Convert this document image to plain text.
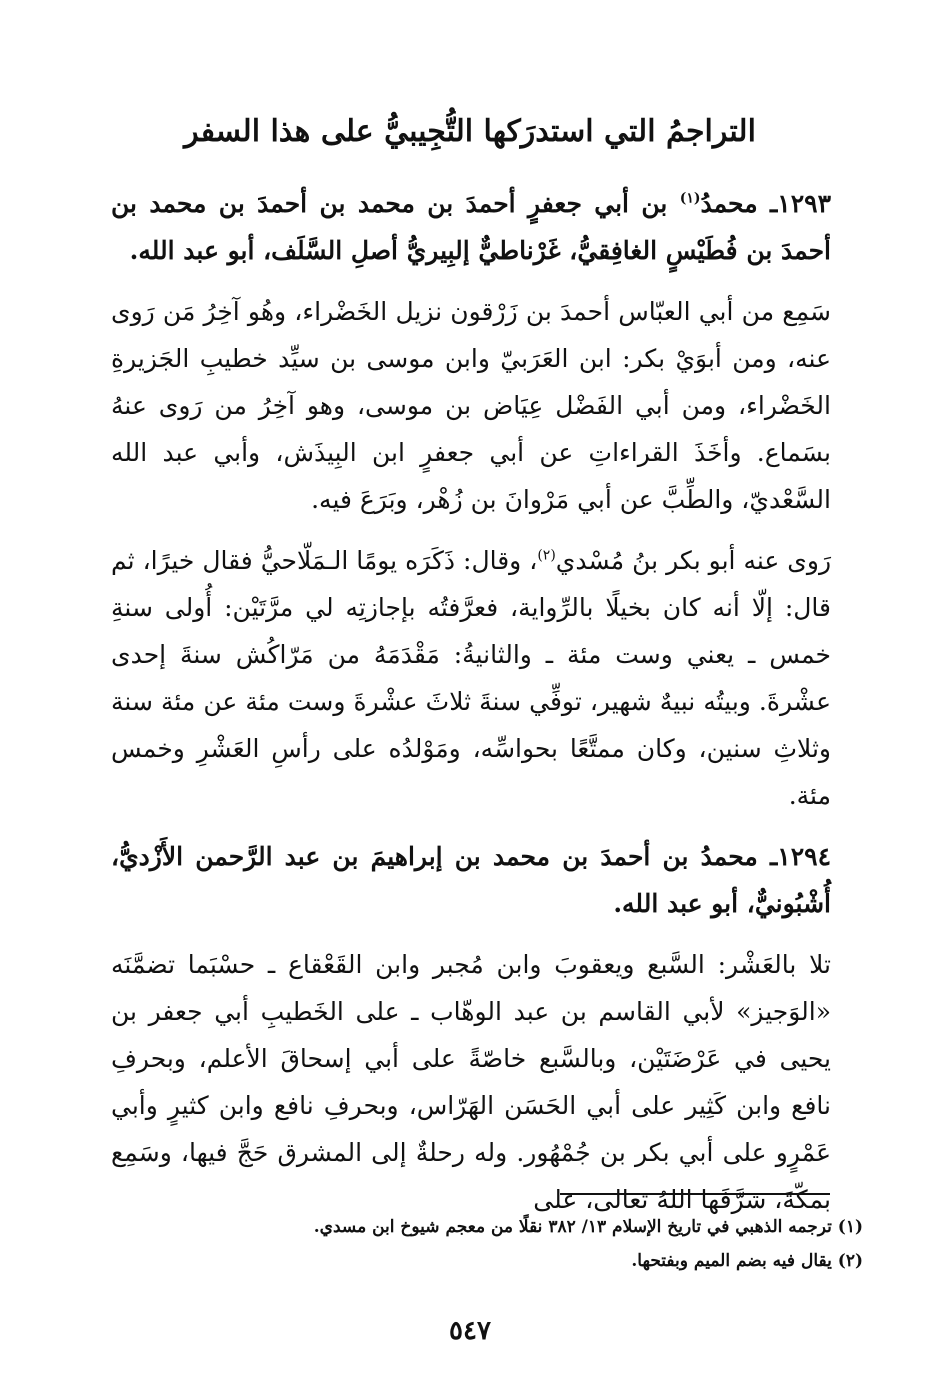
التراجمُ التي استدرَكها التُّجِيبيُّ على هذا السفر

١٢٩٣ـ محمدُ$^{(١)}$ بن أبي جعفرٍ أحمدَ بن محمد بن أحمدَ بن محمد بن أحمدَ بن فُطَيْسٍ الغافِقيُّ، غَرْناطيٌّ إلبِيريُّ أصلِ السَّلَف، أبو عبد الله.

سَمِع من أبي العبّاس أحمدَ بن زَرْقون نزيل الخَضْراء، وهُو آخِرُ مَن رَوى عنه، ومن أبوَيْ بكر: ابن العَرَبيّ وابن موسى بن سيِّد خطيبِ الجَزيرةِ الخَضْراء، ومن أبي الفَضْل عِيَاض بن موسى، وهو آخِرُ من رَوى عنهُ بسَماع. وأخَذَ القراءاتِ عن أبي جعفرٍ ابن البِيذَش، وأبي عبد الله السَّعْديّ، والطِّبَّ عن أبي مَرْوانَ بن زُهْر، وبَرَعَ فيه.

رَوى عنه أبو بكر بنُ مُسْدي$^{(٢)}$، وقال: ذَكَرَه يومًا الـمَلّاحيُّ فقال خيرًا، ثم قال: إلّا أنه كان بخيلًا بالرِّواية، فعرَّفتُه بإجازتِه لي مرَّتَيْن: أُولى سنةِ خمس ـ يعني وست مئة ـ والثانيةُ: مَقْدَمَهُ من مَرّاكُش سنةَ إحدى عشْرةَ. وبيتُه نبيهٌ شهير، توفِّي سنةَ ثلاثَ عشْرةَ وست مئة عن مئة سنة وثلاثِ سنين، وكان ممتَّعًا بحواسِّه، ومَوْلدُه على رأسِ العَشْرِ وخمس مئة.

١٢٩٤ـ محمدُ بن أحمدَ بن محمد بن إبراهيمَ بن عبد الرَّحمن الأَزْديُّ، أُشْبُونيٌّ، أبو عبد الله.

تلا بالعَشْر: السَّبع ويعقوبَ وابن مُجبر وابن القَعْقاع ـ حسْبَما تضمَّنَه «الوَجيز» لأبي القاسم بن عبد الوهّاب ـ على الخَطيبِ أبي جعفر بن يحيى في عَرْضَتَيْن، وبالسَّبع خاصّةً على أبي إسحاقَ الأعلم، وبحرفِ نافع وابن كَثِير على أبي الحَسَن الهَرّاس، وبحرفِ نافع وابن كثيرٍ وأبي عَمْرٍو على أبي بكر بن جُمْهُور. وله رحلةٌ إلى المشرق حَجَّ فيها، وسَمِع بمكّةَ، شرَّفَها اللهُ تعالى، على

(١) ترجمه الذهبي في تاريخ الإسلام ١٣/ ٣٨٢ نقلًا من معجم شيوخ ابن مسدي.

(٢) يقال فيه بضم الميم وبفتحها.

٥٤٧
